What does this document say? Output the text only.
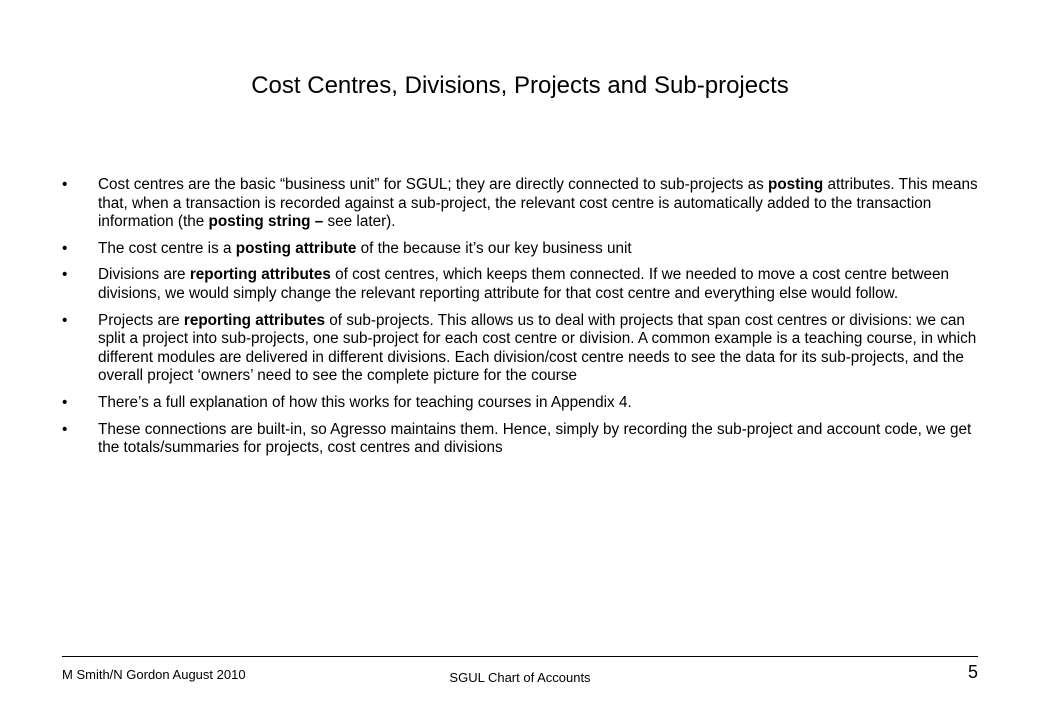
Cost Centres, Divisions, Projects and Sub-projects
• Cost centres are the basic “business unit” for SGUL; they are directly connected to sub-projects as posting attributes. This means that, when a transaction is recorded against a sub-project, the relevant cost centre is automatically added to the transaction information (the posting string – see later).
• The cost centre is a posting attribute of the because it’s our key business unit
• Divisions are reporting attributes of cost centres, which keeps them connected. If we needed to move a cost centre between divisions, we would simply change the relevant reporting attribute for that cost centre and everything else would follow.
• Projects are reporting attributes of sub-projects. This allows us to deal with projects that span cost centres or divisions: we can split a project into sub-projects, one sub-project for each cost centre or division. A common example is a teaching course, in which different modules are delivered in different divisions. Each division/cost centre needs to see the data for its sub-projects, and the overall project ‘owners’ need to see the complete picture for the course
• There’s a full explanation of how this works for teaching courses in Appendix 4.
• These connections are built-in, so Agresso maintains them. Hence, simply by recording the sub-project and account code, we get the totals/summaries for projects, cost centres and divisions
M Smith/N Gordon August 2010	SGUL Chart of Accounts	5
